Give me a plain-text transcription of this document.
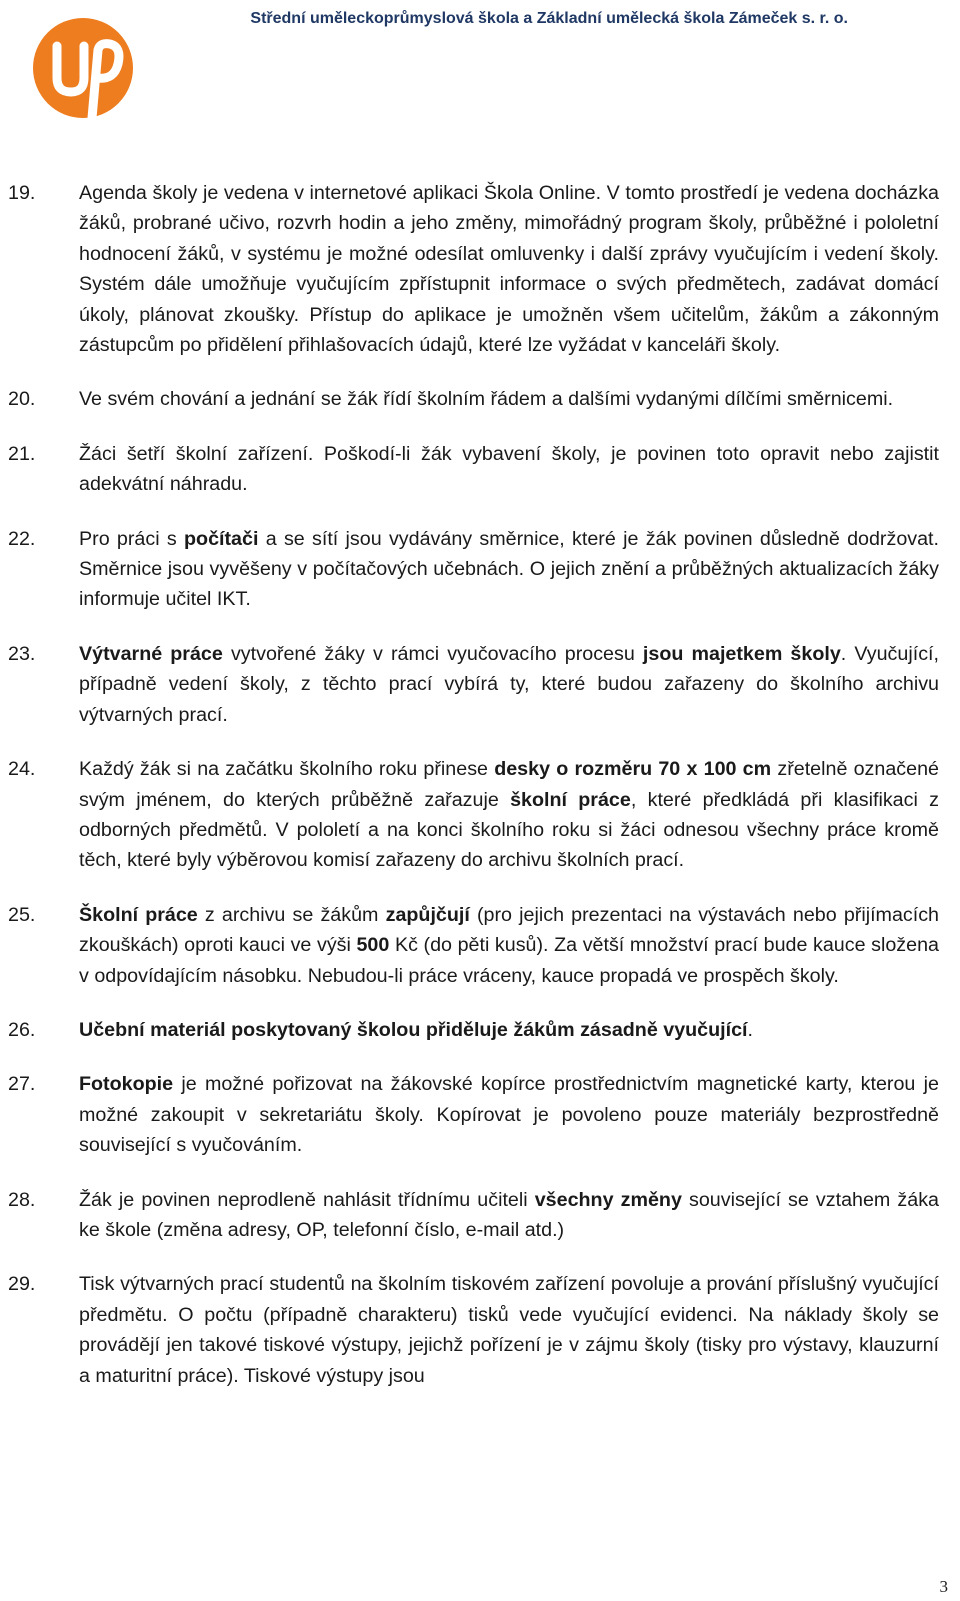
Střední uměleckoprůmyslová škola a Základní umělecká škola Zámeček s. r. o.
19.	Agenda školy je vedena v internetové aplikaci Škola Online. V tomto prostředí je vedena docházka žáků, probrané učivo, rozvrh hodin a jeho změny, mimořádný program školy, průběžné i pololetní hodnocení žáků, v systému je možné odesílat omluvenky i další zprávy vyučujícím i vedení školy. Systém dále umožňuje vyučujícím zpřístupnit informace o svých předmětech, zadávat domácí úkoly, plánovat zkoušky. Přístup do aplikace je umožněn všem učitelům, žákům a zákonným zástupcům po přidělení přihlašovacích údajů, které lze vyžádat v kanceláři školy.
20.	Ve svém chování a jednání se žák řídí školním řádem a dalšími vydanými dílčími směrnicemi.
21.	Žáci šetří školní zařízení. Poškodí-li žák vybavení školy, je povinen toto opravit nebo zajistit adekvátní náhradu.
22.	Pro práci s počítači a se sítí jsou vydávány směrnice, které je žák povinen důsledně dodržovat. Směrnice jsou vyvěšeny v počítačových učebnách. O jejich znění a průběžných aktualizacích žáky informuje učitel IKT.
23.	Výtvarné práce vytvořené žáky v rámci vyučovacího procesu jsou majetkem školy. Vyučující, případně vedení školy, z těchto prací vybírá ty, které budou zařazeny do školního archivu výtvarných prací.
24.	Každý žák si na začátku školního roku přinese desky o rozměru 70 x 100 cm zřetelně označené svým jménem, do kterých průběžně zařazuje školní práce, které předkládá při klasifikaci z odborných předmětů. V pololetí a na konci školního roku si žáci odnesou všechny práce kromě těch, které byly výběrovou komisí zařazeny do archivu školních prací.
25.	Školní práce z archivu se žákům zapůjčují (pro jejich prezentaci na výstavách nebo přijímacích zkouškách) oproti kauci ve výši 500 Kč (do pěti kusů). Za větší množství prací bude kauce složena v odpovídajícím násobku. Nebudou-li práce vráceny, kauce propadá ve prospěch školy.
26.	Učební materiál poskytovaný školou přiděluje žákům zásadně vyučující.
27.	Fotokopie je možné pořizovat na žákovské kopírce prostřednictvím magnetické karty, kterou je možné zakoupit v sekretariátu školy. Kopírovat je povoleno pouze materiály bezprostředně související s vyučováním.
28.	Žák je povinen neprodleně nahlásit třídnímu učiteli všechny změny související se vztahem žáka ke škole (změna adresy, OP, telefonní číslo, e-mail atd.)
29.	Tisk výtvarných prací studentů na školním tiskovém zařízení povoluje a prování příslušný vyučující předmětu. O počtu (případně charakteru) tisků vede vyučující evidenci. Na náklady školy se provádějí jen takové tiskové výstupy, jejichž pořízení je v zájmu školy (tisky pro výstavy, klauzurní a maturitní práce). Tiskové výstupy jsou
3
